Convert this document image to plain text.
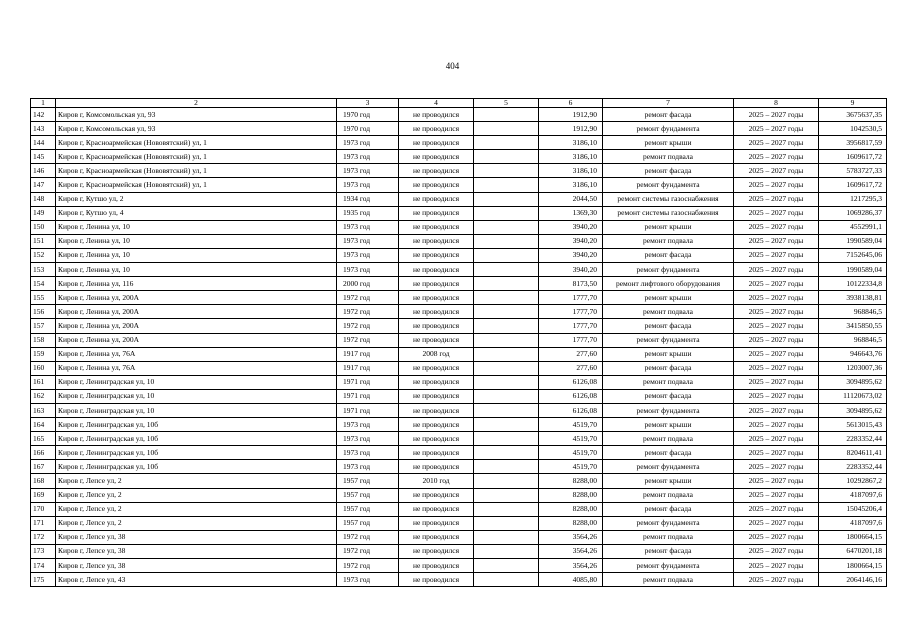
404
1	2	3	4	5	6	7	8	9
142	Киров г, Комсомольская ул, 93	1970 год	не проводился		1912,90	ремонт фасада	2025 – 2027 годы	3675637,35
143	Киров г, Комсомольская ул, 93	1970 год	не проводился		1912,90	ремонт фундамента	2025 – 2027 годы	1042530,5
144	Киров г, Красноармейская (Нововятский) ул, 1	1973 год	не проводился		3186,10	ремонт крыши	2025 – 2027 годы	3956817,59
145	Киров г, Красноармейская (Нововятский) ул, 1	1973 год	не проводился		3186,10	ремонт подвала	2025 – 2027 годы	1609617,72
146	Киров г, Красноармейская (Нововятский) ул, 1	1973 год	не проводился		3186,10	ремонт фасада	2025 – 2027 годы	5783727,33
147	Киров г, Красноармейская (Нововятский) ул, 1	1973 год	не проводился		3186,10	ремонт фундамента	2025 – 2027 годы	1609617,72
148	Киров г, Кутшо ул, 2	1934 год	не проводился		2044,50	ремонт системы газоснабжения	2025 – 2027 годы	1217295,3
149	Киров г, Кутшо ул, 4	1935 год	не проводился		1369,30	ремонт системы газоснабжения	2025 – 2027 годы	1069286,37
150	Киров г, Ленина ул, 10	1973 год	не проводился		3940,20	ремонт крыши	2025 – 2027 годы	4552991,1
151	Киров г, Ленина ул, 10	1973 год	не проводился		3940,20	ремонт подвала	2025 – 2027 годы	1990589,04
152	Киров г, Ленина ул, 10	1973 год	не проводился		3940,20	ремонт фасада	2025 – 2027 годы	7152645,06
153	Киров г, Ленина ул, 10	1973 год	не проводился		3940,20	ремонт фундамента	2025 – 2027 годы	1990589,04
154	Киров г, Ленина ул, 116	2000 год	не проводился		8173,50	ремонт лифтового оборудования	2025 – 2027 годы	10122334,8
155	Киров г, Ленина ул, 200А	1972 год	не проводился		1777,70	ремонт крыши	2025 – 2027 годы	3938138,81
156	Киров г, Ленина ул, 200А	1972 год	не проводился		1777,70	ремонт подвала	2025 – 2027 годы	968846,5
157	Киров г, Ленина ул, 200А	1972 год	не проводился		1777,70	ремонт фасада	2025 – 2027 годы	3415850,55
158	Киров г, Ленина ул, 200А	1972 год	не проводился		1777,70	ремонт фундамента	2025 – 2027 годы	968846,5
159	Киров г, Ленина ул, 76А	1917 год	2008 год		277,60	ремонт крыши	2025 – 2027 годы	946643,76
160	Киров г, Ленина ул, 76А	1917 год	не проводился		277,60	ремонт фасада	2025 – 2027 годы	1203007,36
161	Киров г, Ленинградская ул, 10	1971 год	не проводился		6126,08	ремонт подвала	2025 – 2027 годы	3094895,62
162	Киров г, Ленинградская ул, 10	1971 год	не проводился		6126,08	ремонт фасада	2025 – 2027 годы	11120673,02
163	Киров г, Ленинградская ул, 10	1971 год	не проводился		6126,08	ремонт фундамента	2025 – 2027 годы	3094895,62
164	Киров г, Ленинградская ул, 10б	1973 год	не проводился		4519,70	ремонт крыши	2025 – 2027 годы	5613015,43
165	Киров г, Ленинградская ул, 10б	1973 год	не проводился		4519,70	ремонт подвала	2025 – 2027 годы	2283352,44
166	Киров г, Ленинградская ул, 10б	1973 год	не проводился		4519,70	ремонт фасада	2025 – 2027 годы	8204611,41
167	Киров г, Ленинградская ул, 10б	1973 год	не проводился		4519,70	ремонт фундамента	2025 – 2027 годы	2283352,44
168	Киров г, Лепсе ул, 2	1957 год	2010 год		8288,00	ремонт крыши	2025 – 2027 годы	10292867,2
169	Киров г, Лепсе ул, 2	1957 год	не проводился		8288,00	ремонт подвала	2025 – 2027 годы	4187097,6
170	Киров г, Лепсе ул, 2	1957 год	не проводился		8288,00	ремонт фасада	2025 – 2027 годы	15045206,4
171	Киров г, Лепсе ул, 2	1957 год	не проводился		8288,00	ремонт фундамента	2025 – 2027 годы	4187097,6
172	Киров г, Лепсе ул, 38	1972 год	не проводился		3564,26	ремонт подвала	2025 – 2027 годы	1800664,15
173	Киров г, Лепсе ул, 38	1972 год	не проводился		3564,26	ремонт фасада	2025 – 2027 годы	6470201,18
174	Киров г, Лепсе ул, 38	1972 год	не проводился		3564,26	ремонт фундамента	2025 – 2027 годы	1800664,15
175	Киров г, Лепсе ул, 43	1973 год	не проводился		4085,80	ремонт подвала	2025 – 2027 годы	2064146,16
